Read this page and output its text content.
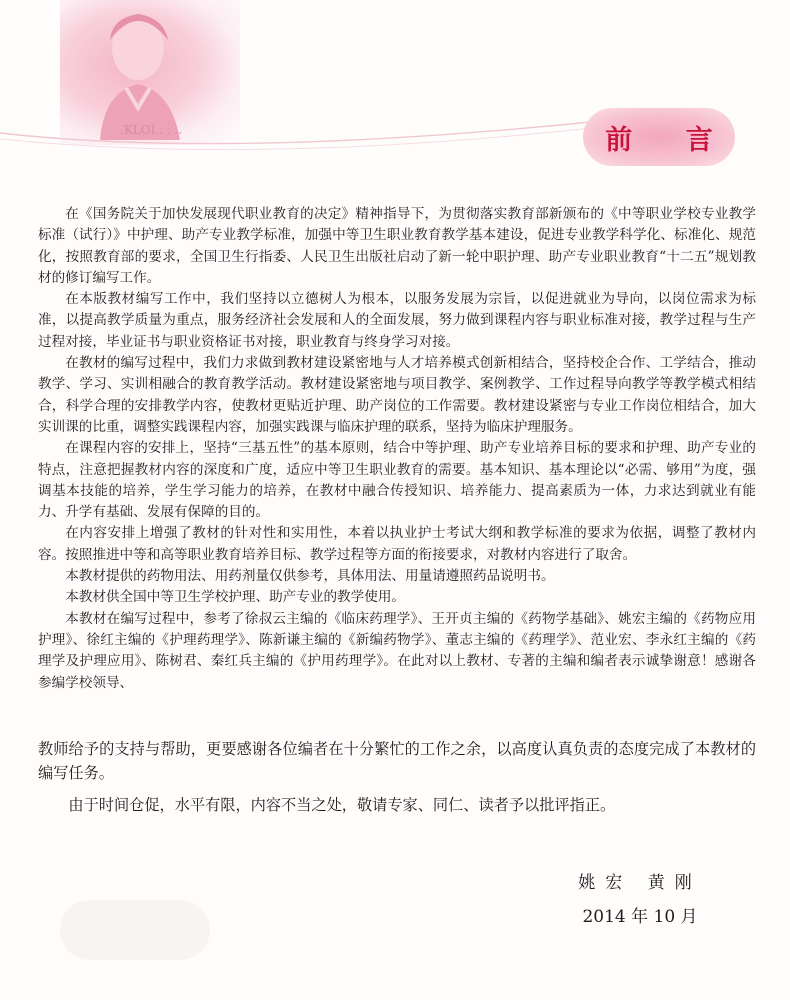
.KLOI.. . ..	前 言

在《国务院关于加快发展现代职业教育的决定》精神指导下，为贯彻落实教育部新颁布的《中等职业学校专业教学标准（试行）》中护理、助产专业教学标准，加强中等卫生职业教育教学基本建设，促进专业教学科学化、标准化、规范化，按照教育部的要求，全国卫生行指委、人民卫生出版社启动了新一轮中职护理、助产专业职业教育“十二五”规划教材的修订编写工作。

在本版教材编写工作中，我们坚持以立德树人为根本，以服务发展为宗旨，以促进就业为导向，以岗位需求为标准，以提高教学质量为重点，服务经济社会发展和人的全面发展，努力做到课程内容与职业标准对接，教学过程与生产过程对接，毕业证书与职业资格证书对接，职业教育与终身学习对接。

在教材的编写过程中，我们力求做到教材建设紧密地与人才培养模式创新相结合，坚持校企合作、工学结合，推动教学、学习、实训相融合的教育教学活动。教材建设紧密地与项目教学、案例教学、工作过程导向教学等教学模式相结合，科学合理的安排教学内容，使教材更贴近护理、助产岗位的工作需要。教材建设紧密与专业工作岗位相结合，加大实训课的比重，调整实践课程内容，加强实践课与临床护理的联系，坚持为临床护理服务。

在课程内容的安排上，坚持“三基五性”的基本原则，结合中等护理、助产专业培养目标的要求和护理、助产专业的特点，注意把握教材内容的深度和广度，适应中等卫生职业教育的需要。基本知识、基本理论以“必需、够用”为度，强调基本技能的培养，学生学习能力的培养，在教材中融合传授知识、培养能力、提高素质为一体，力求达到就业有能力、升学有基础、发展有保障的目的。

在内容安排上增强了教材的针对性和实用性，本着以执业护士考试大纲和教学标准的要求为依据，调整了教材内容。按照推进中等和高等职业教育培养目标、教学过程等方面的衔接要求，对教材内容进行了取舍。

本教材提供的药物用法、用药剂量仅供参考，具体用法、用量请遵照药品说明书。

本教材供全国中等卫生学校护理、助产专业的教学使用。

本教材在编写过程中，参考了徐叔云主编的《临床药理学》、王开贞主编的《药物学基础》、姚宏主编的《药物应用护理》、徐红主编的《护理药理学》、陈新谦主编的《新编药物学》、董志主编的《药理学》、范业宏、李永红主编的《药理学及护理应用》、陈树君、秦红兵主编的《护用药理学》。在此对以上教材、专著的主编和编者表示诚挚谢意！感谢各参编学校领导、

教师给予的支持与帮助，更要感谢各位编者在十分繁忙的工作之余，以高度认真负责的态度完成了本教材的编写任务。

由于时间仓促，水平有限，内容不当之处，敬请专家、同仁、读者予以批评指正。

姚宏 黄刚
2014 年 10 月
